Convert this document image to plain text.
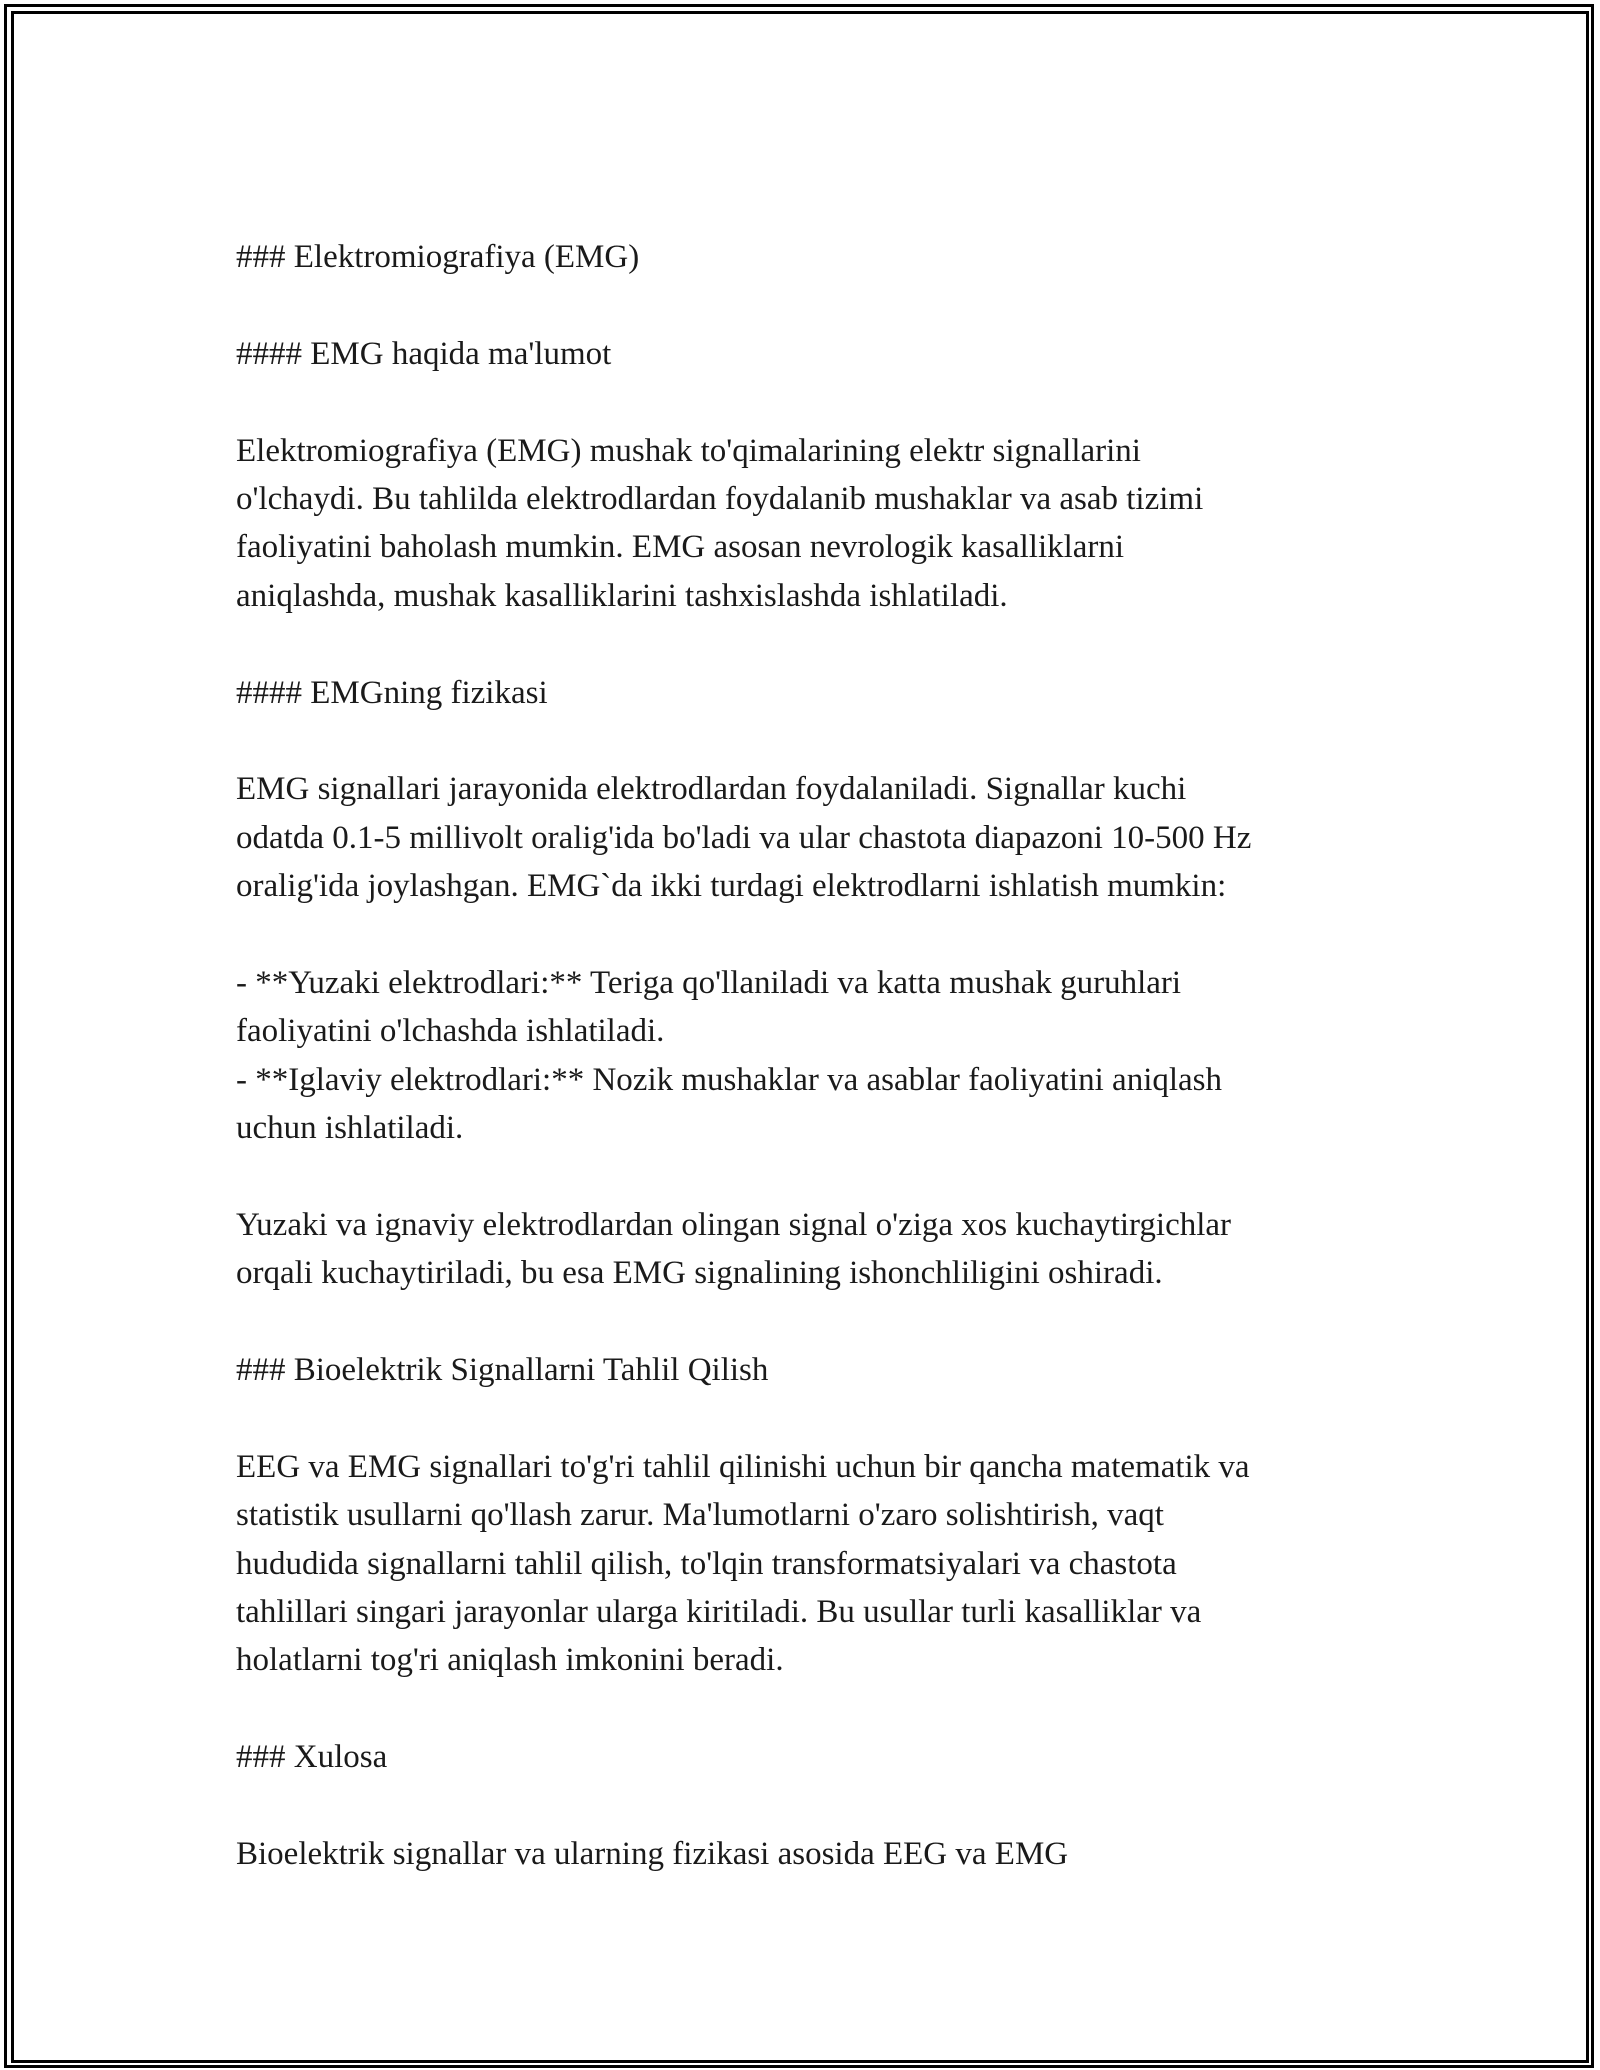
### Elektromiografiya (EMG)
#### EMG haqida ma'lumot
Elektromiografiya (EMG) mushak to'qimalarining elektr signallarini
o'lchaydi. Bu tahlilda elektrodlardan foydalanib mushaklar va asab tizimi
faoliyatini baholash mumkin. EMG asosan nevrologik kasalliklarni
aniqlashda, mushak kasalliklarini tashxislashda ishlatiladi.
#### EMGning fizikasi
EMG signallari jarayonida elektrodlardan foydalaniladi. Signallar kuchi
odatda 0.1-5 millivolt oralig'ida bo'ladi va ular chastota diapazoni 10-500 Hz
oralig'ida joylashgan. EMG`da ikki turdagi elektrodlarni ishlatish mumkin:
- **Yuzaki elektrodlari:** Teriga qo'llaniladi va katta mushak guruhlari
faoliyatini o'lchashda ishlatiladi.
- **Iglaviy elektrodlari:** Nozik mushaklar va asablar faoliyatini aniqlash
uchun ishlatiladi.
Yuzaki va ignaviy elektrodlardan olingan signal o'ziga xos kuchaytirgichlar
orqali kuchaytiriladi, bu esa EMG signalining ishonchliligini oshiradi.
### Bioelektrik Signallarni Tahlil Qilish
EEG va EMG signallari to'g'ri tahlil qilinishi uchun bir qancha matematik va
statistik usullarni qo'llash zarur. Ma'lumotlarni o'zaro solishtirish, vaqt
hududida signallarni tahlil qilish, to'lqin transformatsiyalari va chastota
tahlillari singari jarayonlar ularga kiritiladi. Bu usullar turli kasalliklar va
holatlarni tog'ri aniqlash imkonini beradi.
### Xulosa
Bioelektrik signallar va ularning fizikasi asosida EEG va EMG
